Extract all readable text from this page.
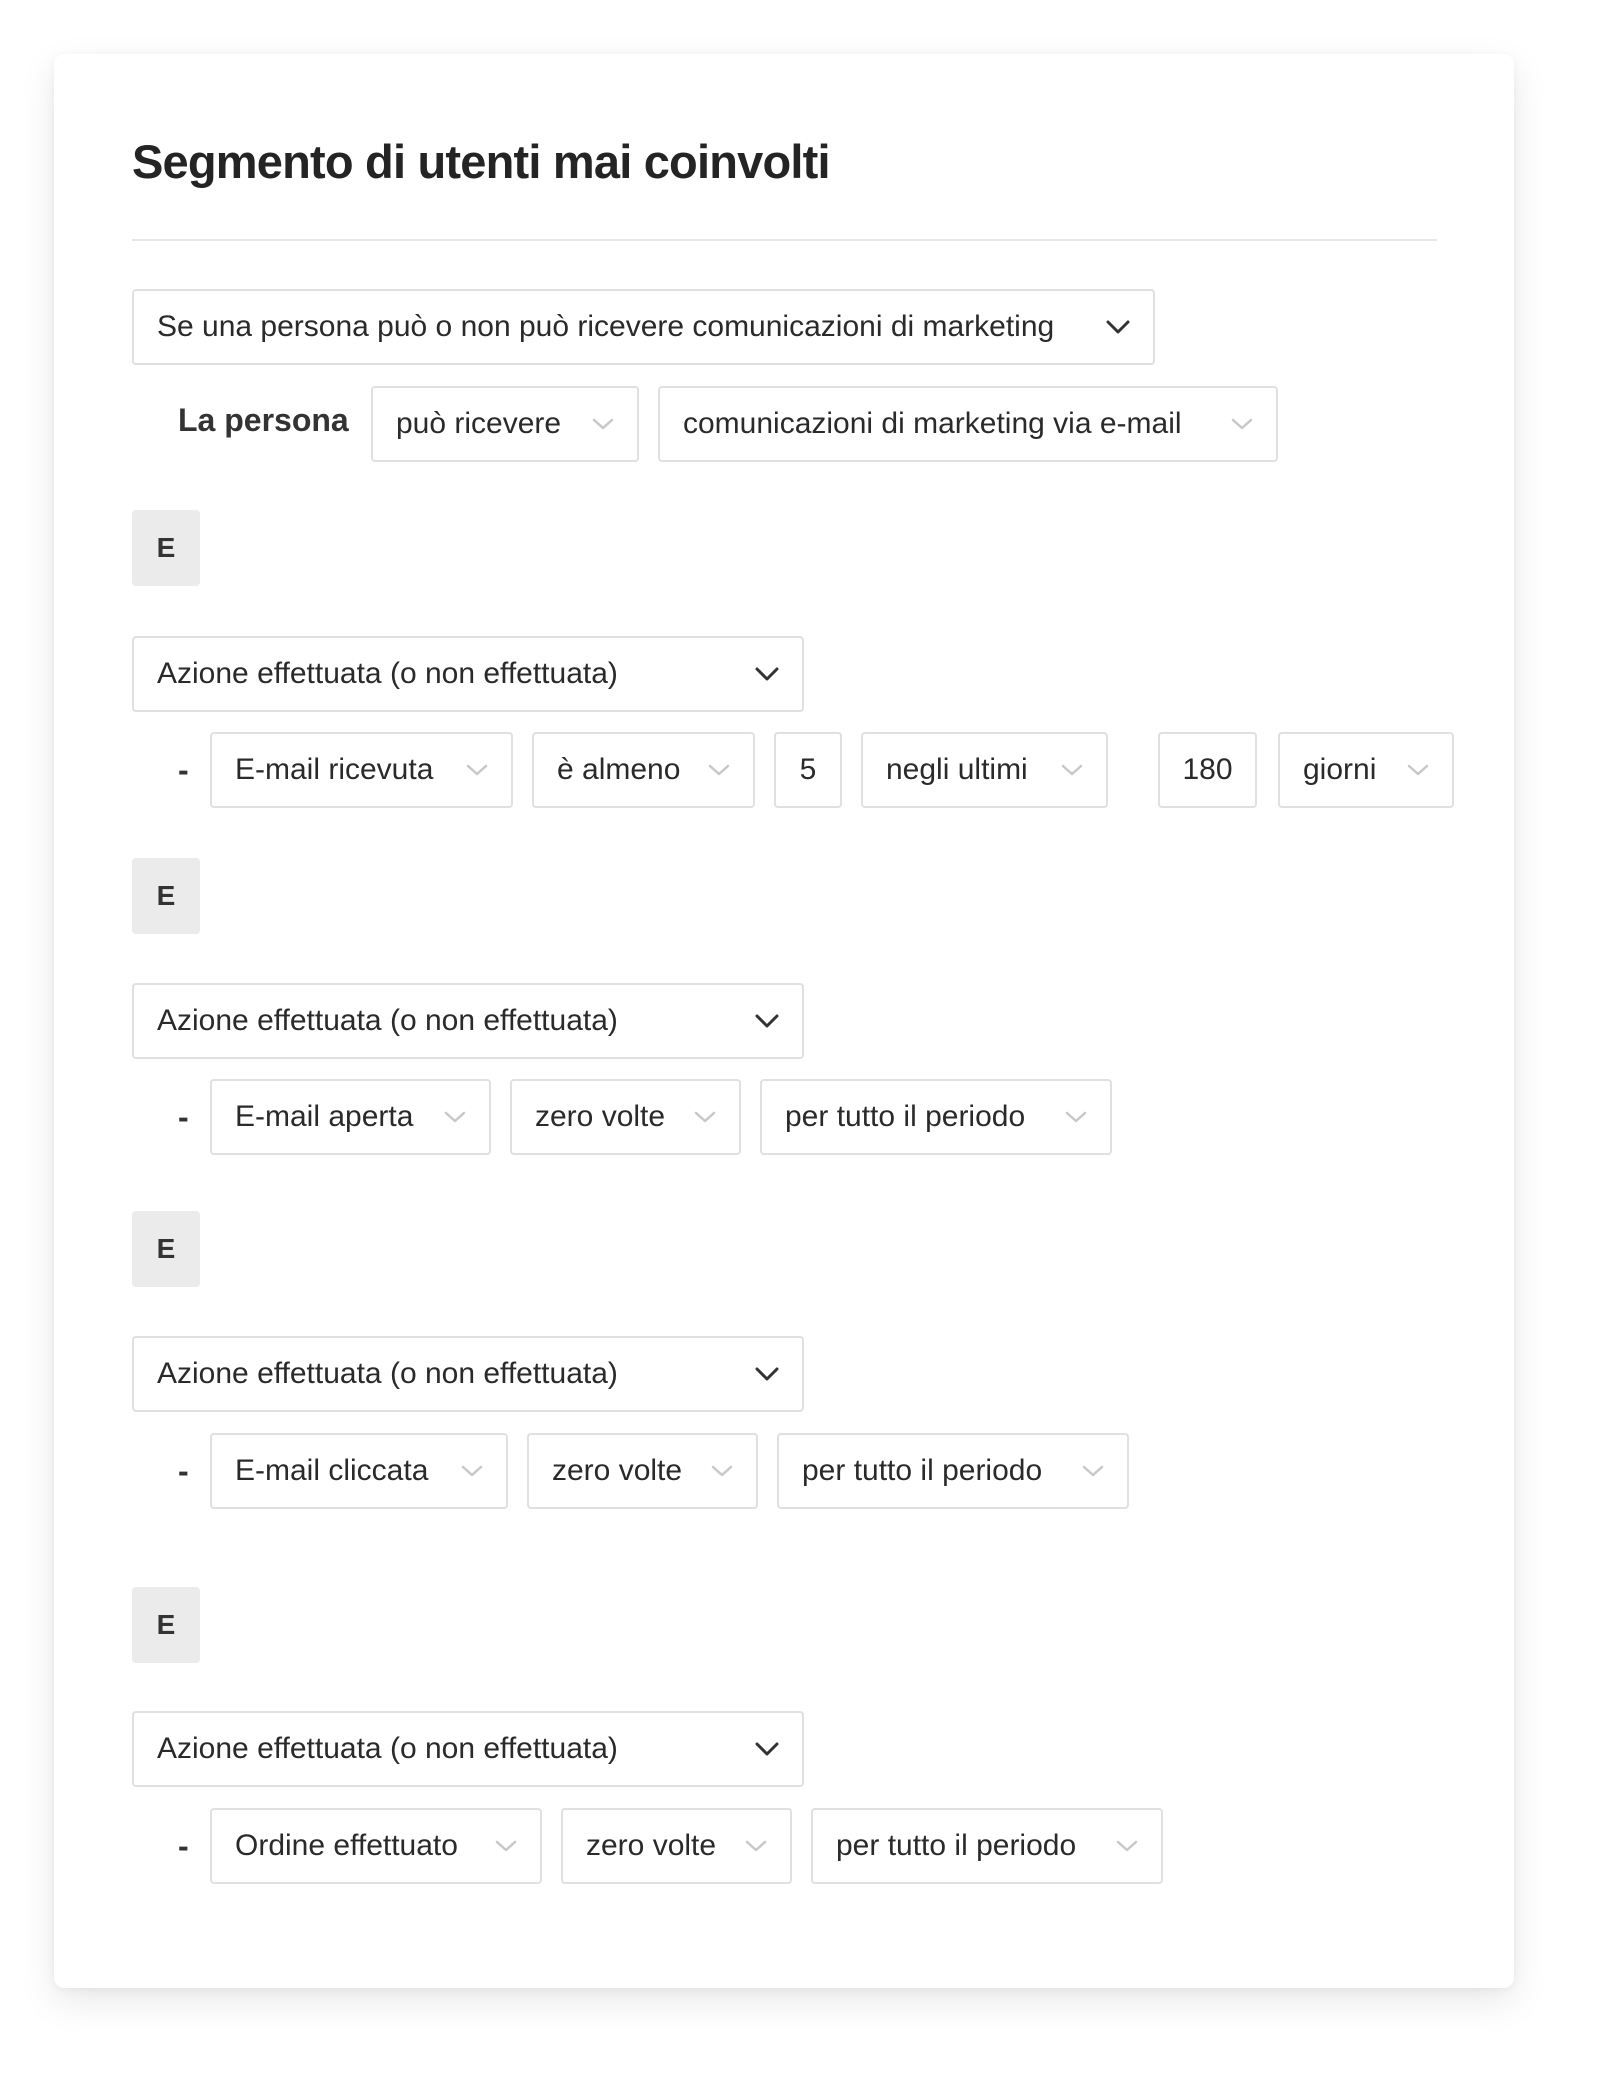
Segmento di utenti mai coinvolti
Se una persona può o non può ricevere comunicazioni di marketing
La persona può ricevere	comunicazioni di marketing via e-mail
E
Azione effettuata (o non effettuata)
- E-mail ricevuta	è almeno	5 negli ultimi	180 giorni
E
Azione effettuata (o non effettuata)
- E-mail aperta	zero volte	per tutto il periodo
E
Azione effettuata (o non effettuata)
- E-mail cliccata	zero volte	per tutto il periodo
E
Azione effettuata (o non effettuata)
- Ordine effettuato	zero volte	per tutto il periodo
